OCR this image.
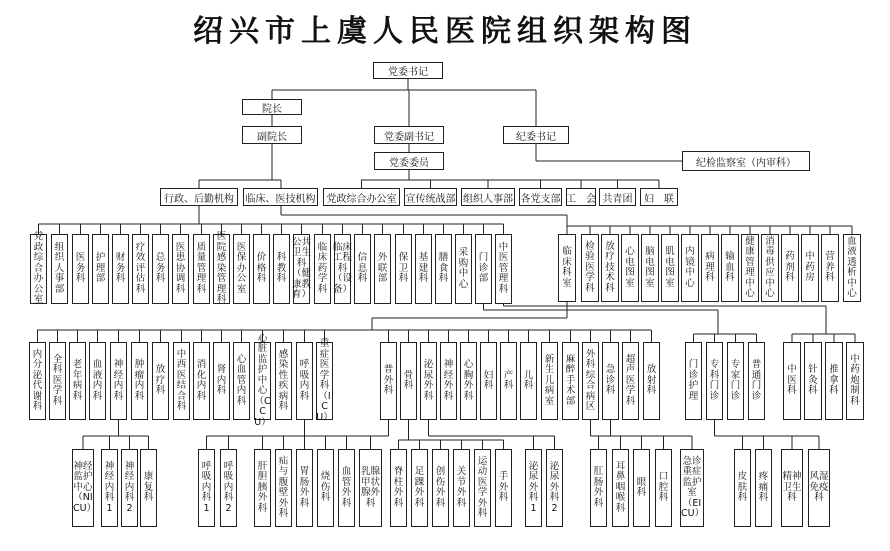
绍兴市上虞人民医院组织架构图
党委书记
院长
副院长	党委副书记
党委委员
纪委书记
纪检监察室（内审科）
行政、后勤机构	临床、医技机构	党政综合办公室 宣传统战部 组织人事部 各党支部 工　会 共青团	妇　联
党政综合办公室
组织人事部
医务科
护理部
财务科
疗效评估科
总务科
医患协调科
质量管理科
医院感染管理科
医保办公室
价格科
科教科
公共卫生科（健康教育）
临床药学科
临床工程科（设备）
信息科
外联部
保卫科
基建科
膳食科
采购中心
门诊部
中医管理科
临床科室
检验医学科
放疗技术科
心电图室
脑电图室
肌电图室
内镜中心
病理科
输血科
健康管理中心
消毒供应中心
药剂科
中药房
营养科
血液透析中心
内分泌代谢科
全科医学科
老年病科
血液内科
神经内科
肿瘤内科
放疗科
中西医结合科
消化内科
肾内科
心血管内科
心脏监护中心（CCU）
感染性疾病科
呼吸内科
重症医学科（ICU）
普外科
骨科
泌尿外科
神经外科
心胸外科
妇科
产科
儿科
新生儿病室
麻醉手术部
外科综合病区
急诊科
超声医学科
放射科
门诊护理
专科门诊
专家门诊
普通门诊
中医科
针灸科
推拿科
中药炮制科
神经监护中心（NICU）
神经内科1
神经内科2
康复科
呼吸内科1
呼吸内科2
肝胆胰外科
疝与腹壁外科
胃肠外科
烧伤科
血管外科
乳腺甲状腺外科
脊柱外科
足踝外科
创伤外科
关节外科
运动医学外科
手外科
泌尿外科1
泌尿外科2
肛肠外科
耳鼻咽喉科
眼科
口腔科
急诊重症监护室（EICU）
皮肤科
疼痛科
精神卫生科
风湿免疫科
